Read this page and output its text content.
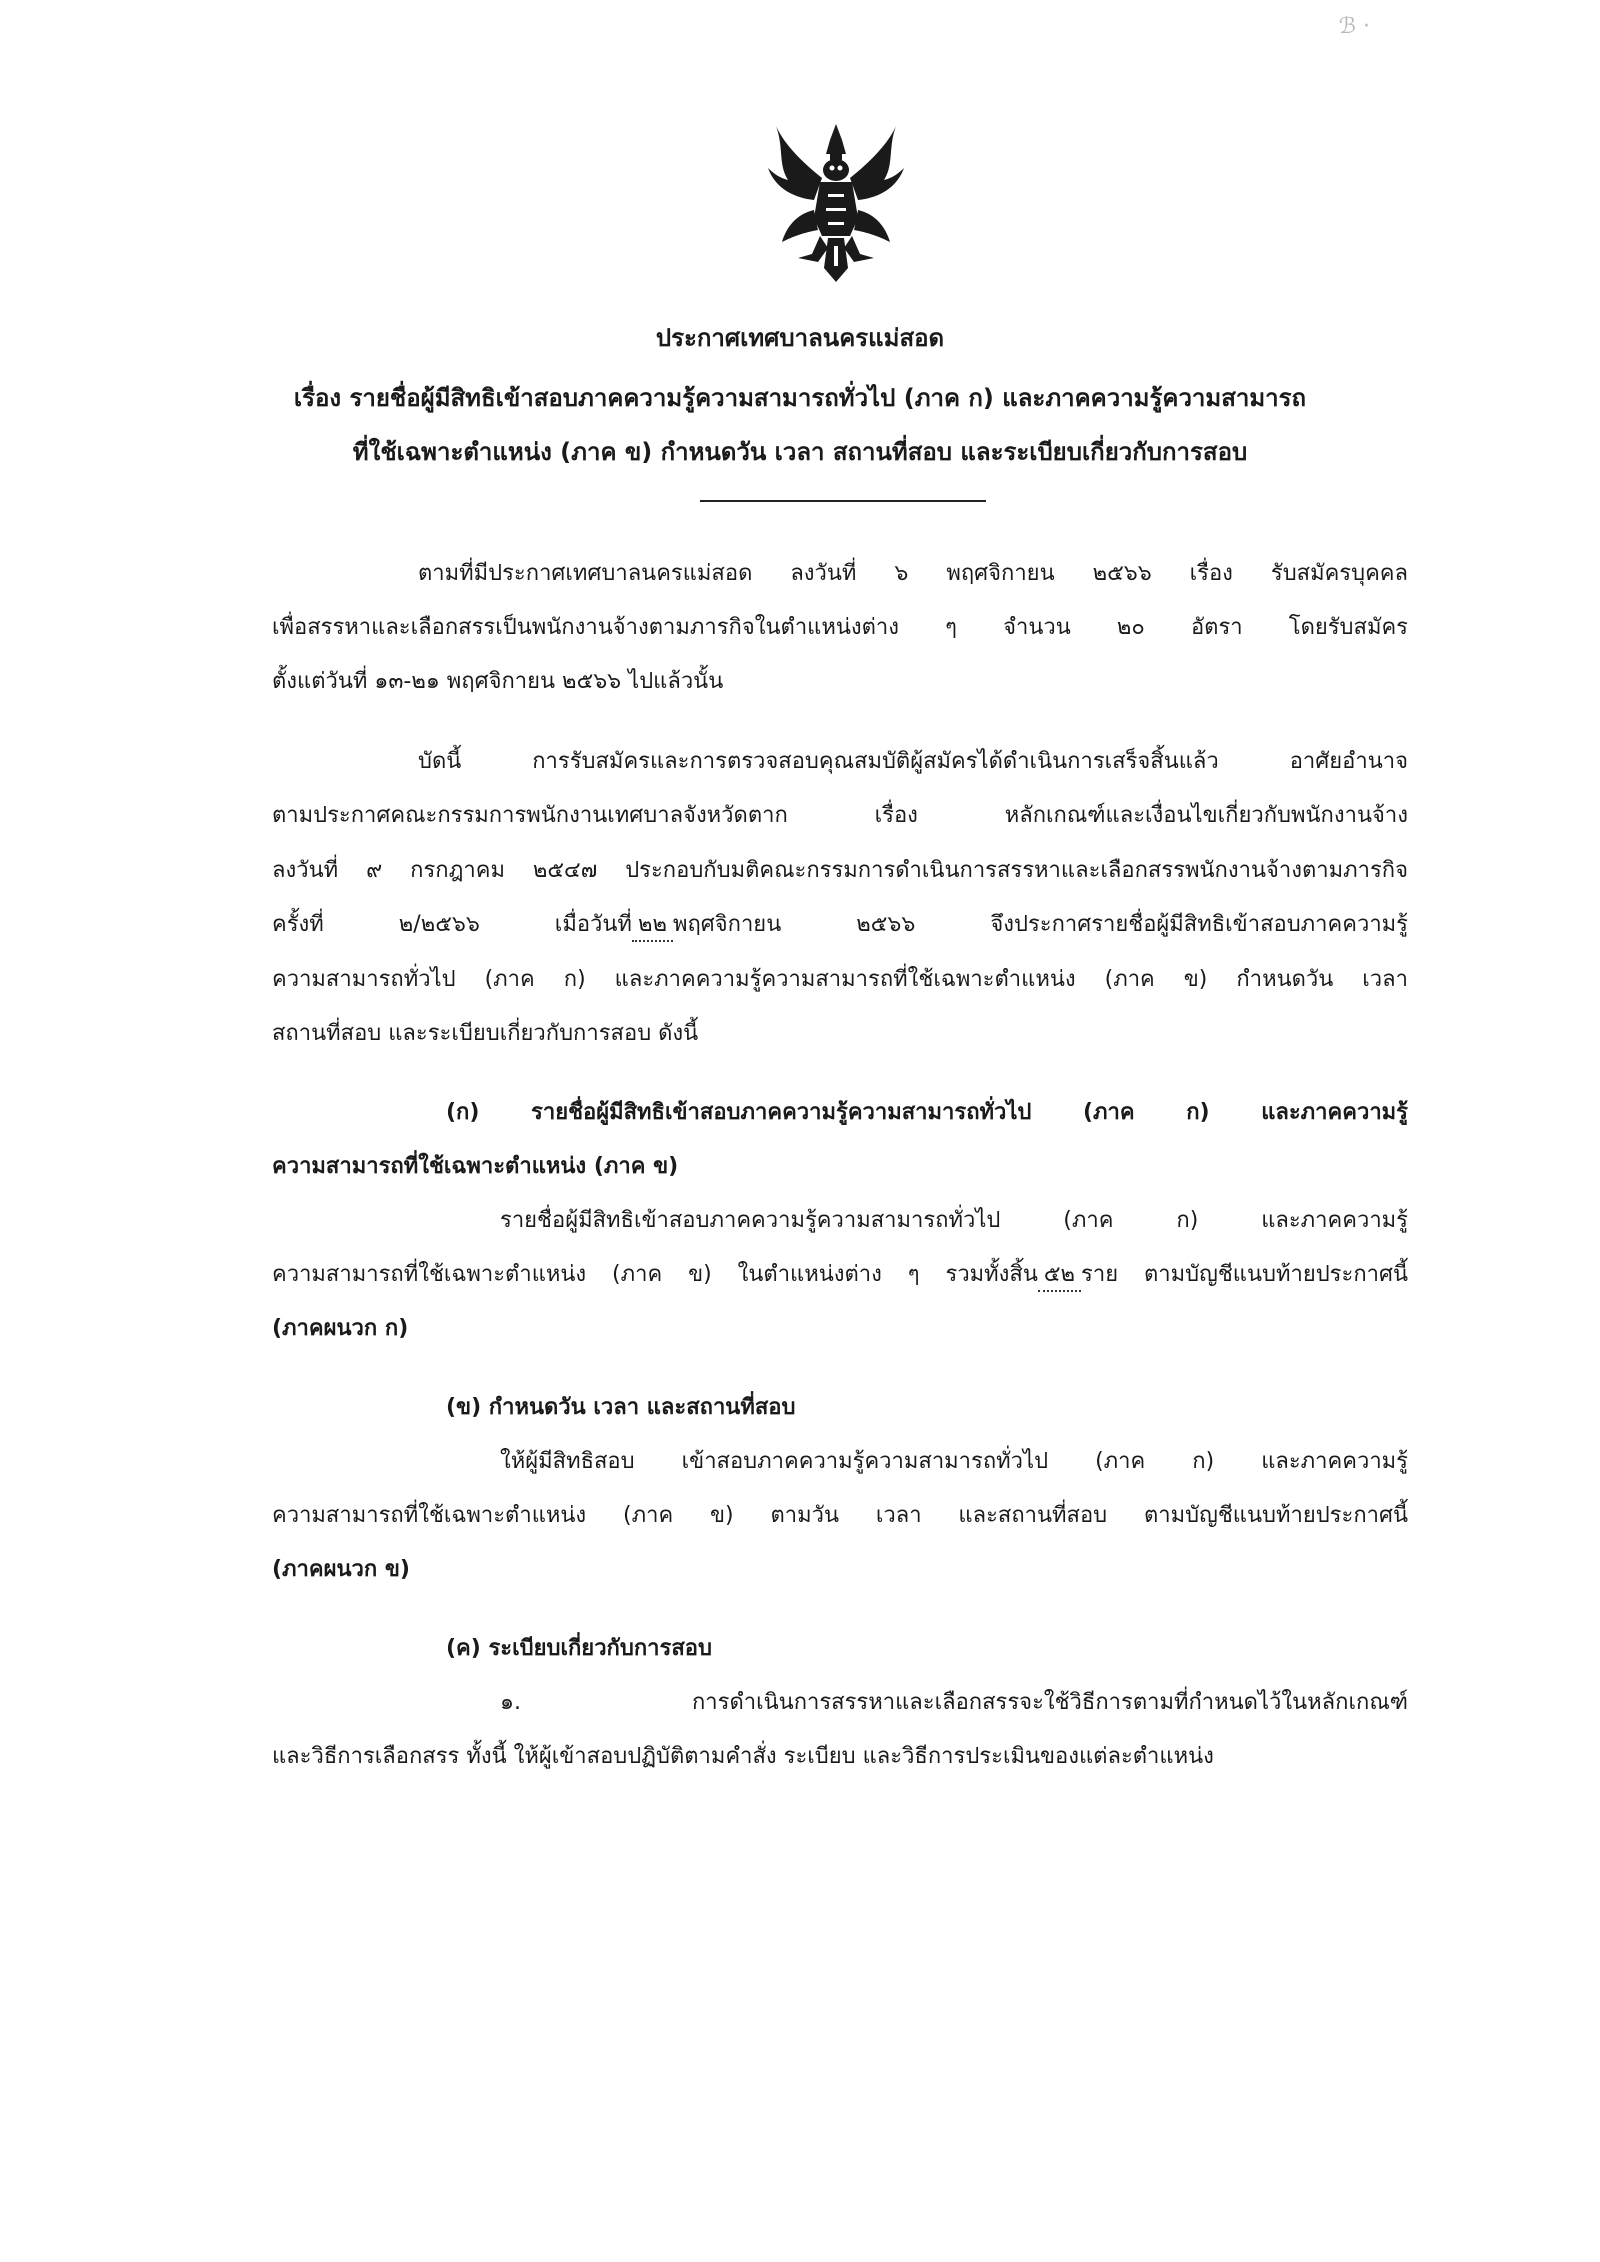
ℬ ·
ประกาศเทศบาลนครแม่สอด
เรื่อง รายชื่อผู้มีสิทธิเข้าสอบภาคความรู้ความสามารถทั่วไป (ภาค ก) และภาคความรู้ความสามารถ
ที่ใช้เฉพาะตำแหน่ง (ภาค ข) กำหนดวัน เวลา สถานที่สอบ และระเบียบเกี่ยวกับการสอบ
ตามที่มีประกาศเทศบาลนครแม่สอด ลงวันที่ ๖ พฤศจิกายน ๒๕๖๖ เรื่อง รับสมัครบุคคล
เพื่อสรรหาและเลือกสรรเป็นพนักงานจ้างตามภารกิจในตำแหน่งต่าง ๆ จำนวน ๒๐ อัตรา โดยรับสมัคร
ตั้งแต่วันที่ ๑๓-๒๑ พฤศจิกายน ๒๕๖๖ ไปแล้วนั้น
บัดนี้ การรับสมัครและการตรวจสอบคุณสมบัติผู้สมัครได้ดำเนินการเสร็จสิ้นแล้ว อาศัยอำนาจ
ตามประกาศคณะกรรมการพนักงานเทศบาลจังหวัดตาก เรื่อง หลักเกณฑ์และเงื่อนไขเกี่ยวกับพนักงานจ้าง
ลงวันที่ ๙ กรกฎาคม ๒๕๔๗ ประกอบกับมติคณะกรรมการดำเนินการสรรหาและเลือกสรรพนักงานจ้างตามภารกิจ
ครั้งที่ ๒/๒๕๖๖ เมื่อวันที่ ๒๒ พฤศจิกายน ๒๕๖๖ จึงประกาศรายชื่อผู้มีสิทธิเข้าสอบภาคความรู้
ความสามารถทั่วไป (ภาค ก) และภาคความรู้ความสามารถที่ใช้เฉพาะตำแหน่ง (ภาค ข) กำหนดวัน เวลา
สถานที่สอบ และระเบียบเกี่ยวกับการสอบ ดังนี้
(ก) รายชื่อผู้มีสิทธิเข้าสอบภาคความรู้ความสามารถทั่วไป (ภาค ก) และภาคความรู้
ความสามารถที่ใช้เฉพาะตำแหน่ง (ภาค ข)
รายชื่อผู้มีสิทธิเข้าสอบภาคความรู้ความสามารถทั่วไป (ภาค ก) และภาคความรู้
ความสามารถที่ใช้เฉพาะตำแหน่ง (ภาค ข) ในตำแหน่งต่าง ๆ รวมทั้งสิ้น ๕๒ ราย ตามบัญชีแนบท้ายประกาศนี้
(ภาคผนวก ก)
(ข) กำหนดวัน เวลา และสถานที่สอบ
ให้ผู้มีสิทธิสอบ เข้าสอบภาคความรู้ความสามารถทั่วไป (ภาค ก) และภาคความรู้
ความสามารถที่ใช้เฉพาะตำแหน่ง (ภาค ข) ตามวัน เวลา และสถานที่สอบ ตามบัญชีแนบท้ายประกาศนี้
(ภาคผนวก ข)
(ค) ระเบียบเกี่ยวกับการสอบ
๑. การดำเนินการสรรหาและเลือกสรรจะใช้วิธีการตามที่กำหนดไว้ในหลักเกณฑ์
และวิธีการเลือกสรร ทั้งนี้ ให้ผู้เข้าสอบปฏิบัติตามคำสั่ง ระเบียบ และวิธีการประเมินของแต่ละตำแหน่ง
